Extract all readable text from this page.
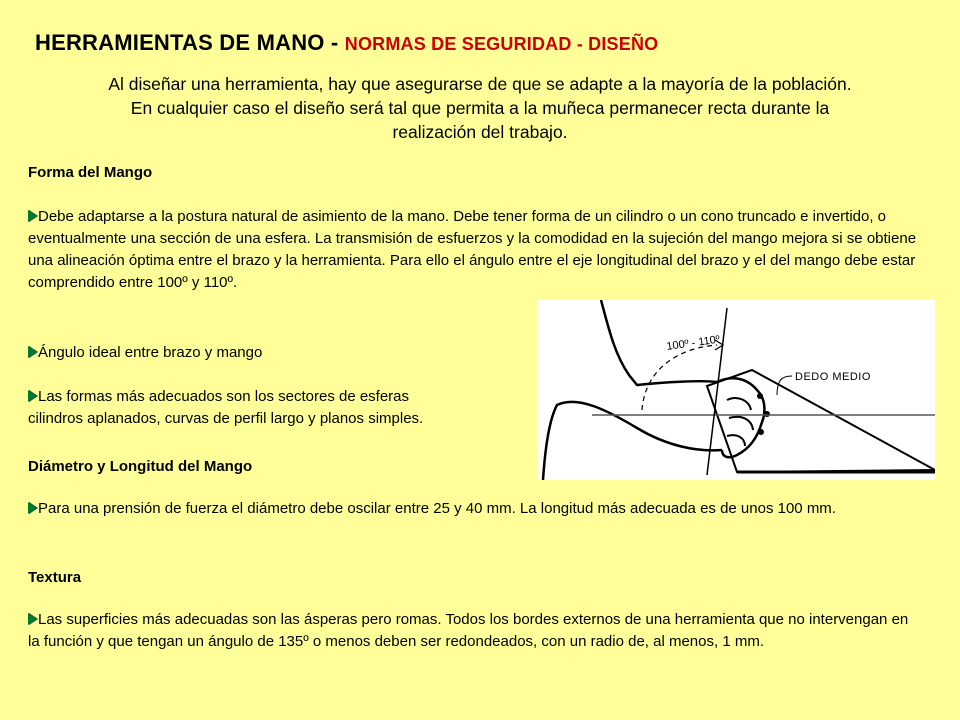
HERRAMIENTAS DE MANO - NORMAS DE SEGURIDAD - DISEÑO
Al diseñar una herramienta, hay que asegurarse de que se adapte a la mayoría de la población.
En cualquier caso el diseño será tal que permita a la muñeca permanecer recta durante la
realización del trabajo.
Forma del Mango
Debe adaptarse a la postura natural de asimiento de la mano. Debe tener forma de un cilindro o un cono truncado e invertido, o eventualmente una sección de una esfera. La transmisión de esfuerzos y la comodidad en la sujeción del mango mejora si se obtiene una alineación óptima entre el brazo y la herramienta. Para ello el ángulo entre el eje longitudinal del brazo y el del mango debe estar comprendido entre 100º y 110º.
Ángulo ideal entre brazo y mango
Las formas más adecuados son los sectores de esferas
cilindros aplanados, curvas de perfil largo y planos simples.
Diámetro y Longitud del Mango
Para una prensión de fuerza el diámetro debe oscilar entre 25 y 40 mm. La longitud más adecuada es de unos 100 mm.
Textura
Las superficies más adecuadas son las ásperas pero romas. Todos los bordes externos de una herramienta que no intervengan en la función y que tengan un ángulo de 135º o menos deben ser redondeados, con un radio de, al menos, 1 mm.
100º - 110º
DEDO MEDIO
